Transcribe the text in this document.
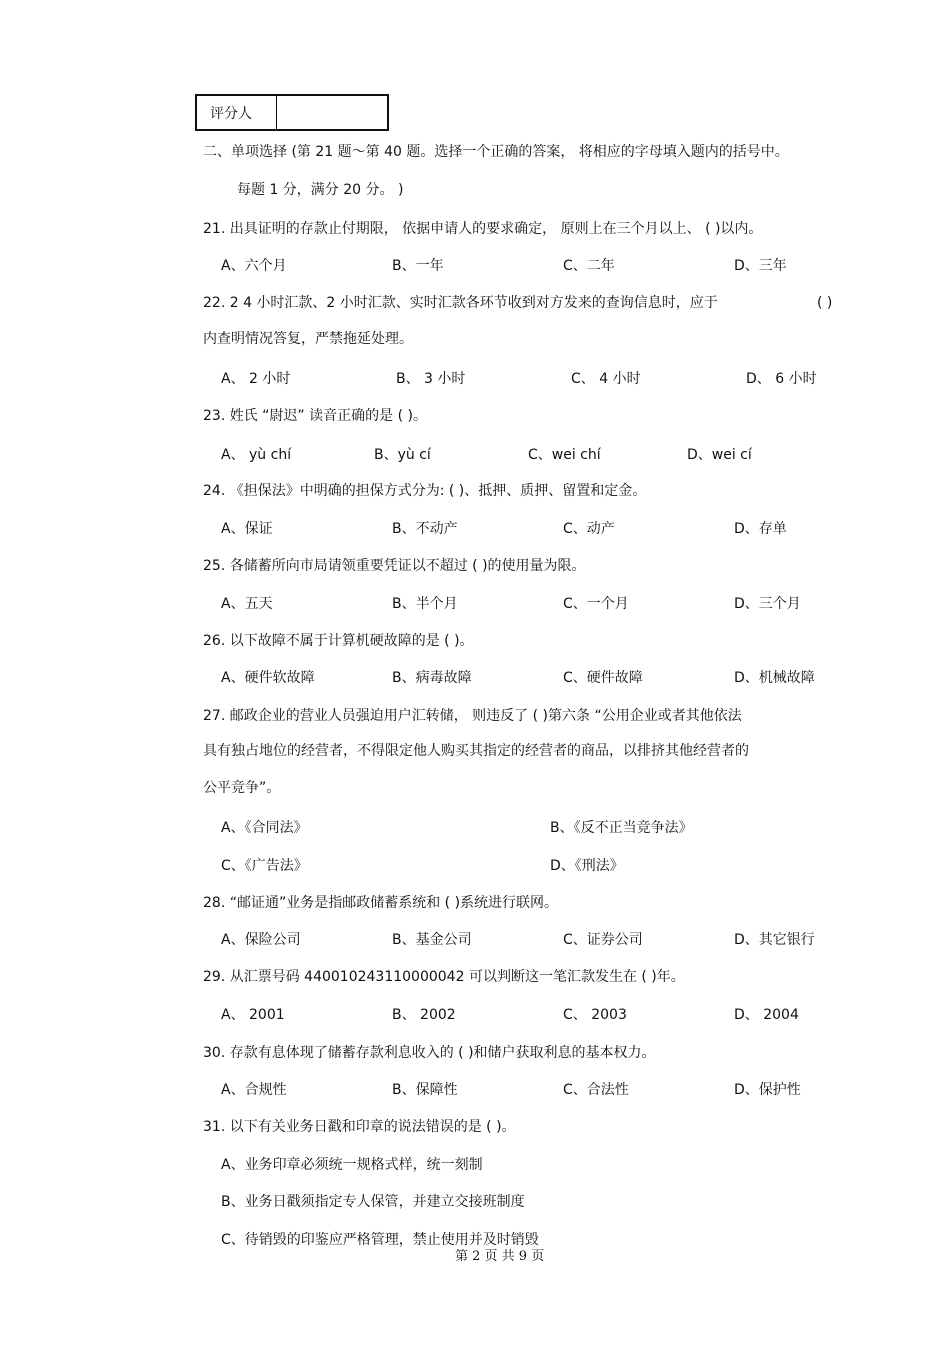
评分人
二、单项选择 (第 21 题～第 40 题。选择一个正确的答案， 将相应的字母填入题内的括号中。
每题 1 分，满分 20 分。 )
21. 出具证明的存款止付期限， 依据申请人的要求确定， 原则上在三个月以上、 ( )以内。
A、六个月	B、一年	C、二年	D、三年
22. 2 4 小时汇款、2 小时汇款、实时汇款各环节收到对方发来的查询信息时，应于	( )
内查明情况答复，严禁拖延处理。
A、 2 小时	B、 3 小时	C、 4 小时	D、 6 小时
23. 姓氏 “尉迟” 读音正确的是 ( )。
A、 yù chí	B、yù cí	C、wei chí	D、wei cí
24. 《担保法》中明确的担保方式分为: ( )、抵押、质押、留置和定金。
A、保证	B、不动产	C、动产	D、存单
25. 各储蓄所向市局请领重要凭证以不超过 ( )的使用量为限。
A、五天	B、半个月	C、一个月	D、三个月
26. 以下故障不属于计算机硬故障的是 ( )。
A、硬件软故障	B、病毒故障	C、硬件故障	D、机械故障
27. 邮政企业的营业人员强迫用户汇转储， 则违反了 ( )第六条 “公用企业或者其他依法
具有独占地位的经营者，不得限定他人购买其指定的经营者的商品，以排挤其他经营者的
公平竞争”。
A、《合同法》	B、《反不正当竞争法》
C、《广告法》	D、《刑法》
28. “邮证通”业务是指邮政储蓄系统和 ( )系统进行联网。
A、保险公司	B、基金公司	C、证券公司	D、其它银行
29. 从汇票号码 440010243110000042 可以判断这一笔汇款发生在 ( )年。
A、 2001	B、 2002	C、 2003	D、 2004
30. 存款有息体现了储蓄存款利息收入的 ( )和储户获取利息的基本权力。
A、合规性	B、保障性	C、合法性	D、保护性
31. 以下有关业务日戳和印章的说法错误的是 ( )。
A、业务印章必须统一规格式样，统一刻制
B、业务日戳须指定专人保管，并建立交接班制度
C、待销毁的印鉴应严格管理，禁止使用并及时销毁
第 2 页 共 9 页
